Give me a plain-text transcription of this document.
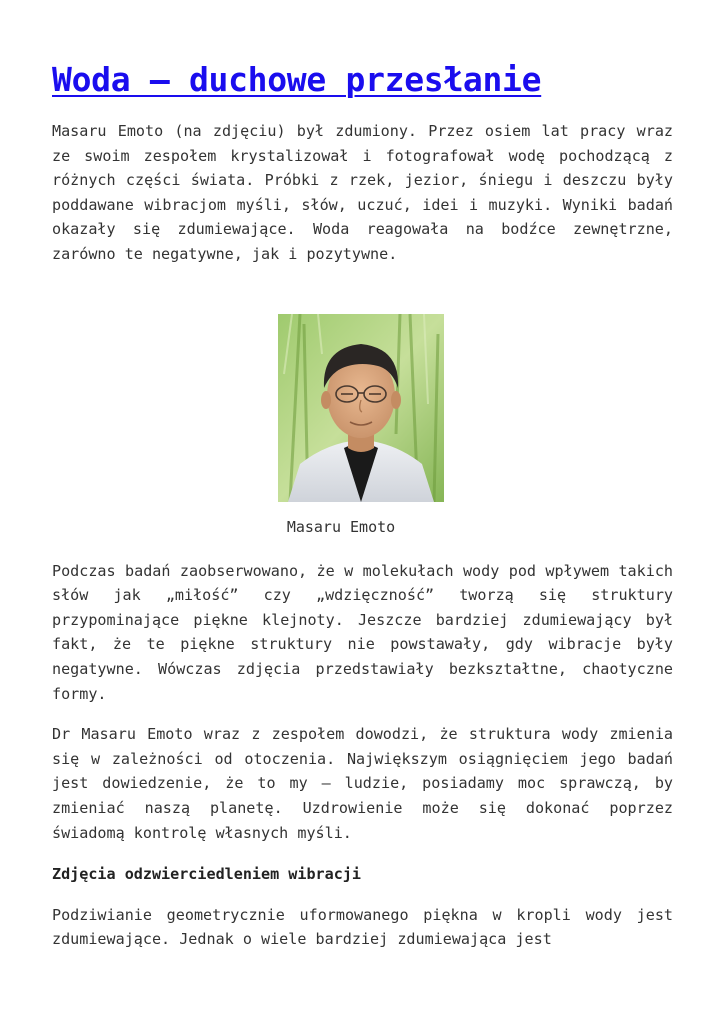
Woda – duchowe przesłanie

Masaru Emoto (na zdjęciu) był zdumiony. Przez osiem lat pracy wraz ze swoim zespołem krystalizował i fotografował wodę pochodzącą z różnych części świata. Próbki z rzek, jezior, śniegu i deszczu były poddawane wibracjom myśli, słów, uczuć, idei i muzyki. Wyniki badań okazały się zdumiewające. Woda reagowała na bodźce zewnętrzne, zarówno te negatywne, jak i pozytywne.

Masaru Emoto

Podczas badań zaobserwowano, że w molekułach wody pod wpływem takich słów jak „miłość” czy „wdzięczność” tworzą się struktury przypominające piękne klejnoty. Jeszcze bardziej zdumiewający był fakt, że te piękne struktury nie powstawały, gdy wibracje były negatywne. Wówczas zdjęcia przedstawiały bezkształtne, chaotyczne formy.

Dr Masaru Emoto wraz z zespołem dowodzi, że struktura wody zmienia się w zależności od otoczenia. Największym osiągnięciem jego badań jest dowiedzenie, że to my – ludzie, posiadamy moc sprawczą, by zmieniać naszą planetę. Uzdrowienie może się dokonać poprzez świadomą kontrolę własnych myśli.

Zdjęcia odzwierciedleniem wibracji

Podziwianie geometrycznie uformowanego piękna w kropli wody jest zdumiewające. Jednak o wiele bardziej zdumiewająca jest
